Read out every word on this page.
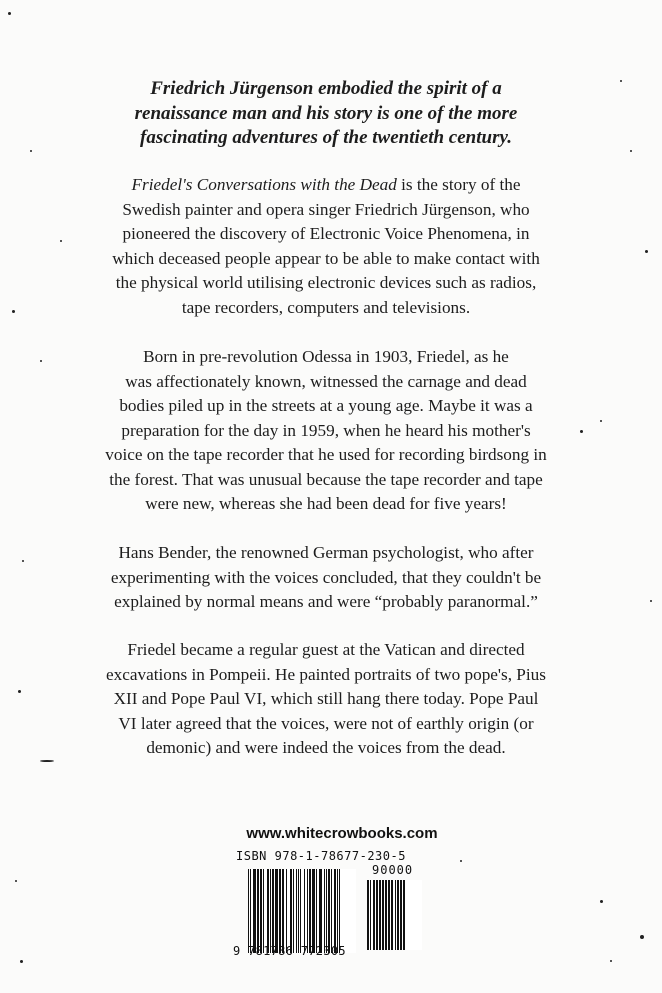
Friedrich Jürgenson embodied the spirit of a
renaissance man and his story is one of the more
fascinating adventures of the twentieth century.
Friedel's Conversations with the Dead is the story of the
Swedish painter and opera singer Friedrich Jürgenson, who
pioneered the discovery of Electronic Voice Phenomena, in
which deceased people appear to be able to make contact with
the physical world utilising electronic devices such as radios,
tape recorders, computers and televisions.
Born in pre-revolution Odessa in 1903, Friedel, as he
was affectionately known, witnessed the carnage and dead
bodies piled up in the streets at a young age. Maybe it was a
preparation for the day in 1959, when he heard his mother's
voice on the tape recorder that he used for recording birdsong in
the forest. That was unusual because the tape recorder and tape
were new, whereas she had been dead for five years!
Hans Bender, the renowned German psychologist, who after
experimenting with the voices concluded, that they couldn't be
explained by normal means and were “probably paranormal.”
Friedel became a regular guest at the Vatican and directed
excavations in Pompeii. He painted portraits of two pope's, Pius
XII and Pope Paul VI, which still hang there today. Pope Paul
VI later agreed that the voices, were not of earthly origin (or
demonic) and were indeed the voices from the dead.
www.whitecrowbooks.com
ISBN 978-1-78677-230-5
90000
9 781786 772305
